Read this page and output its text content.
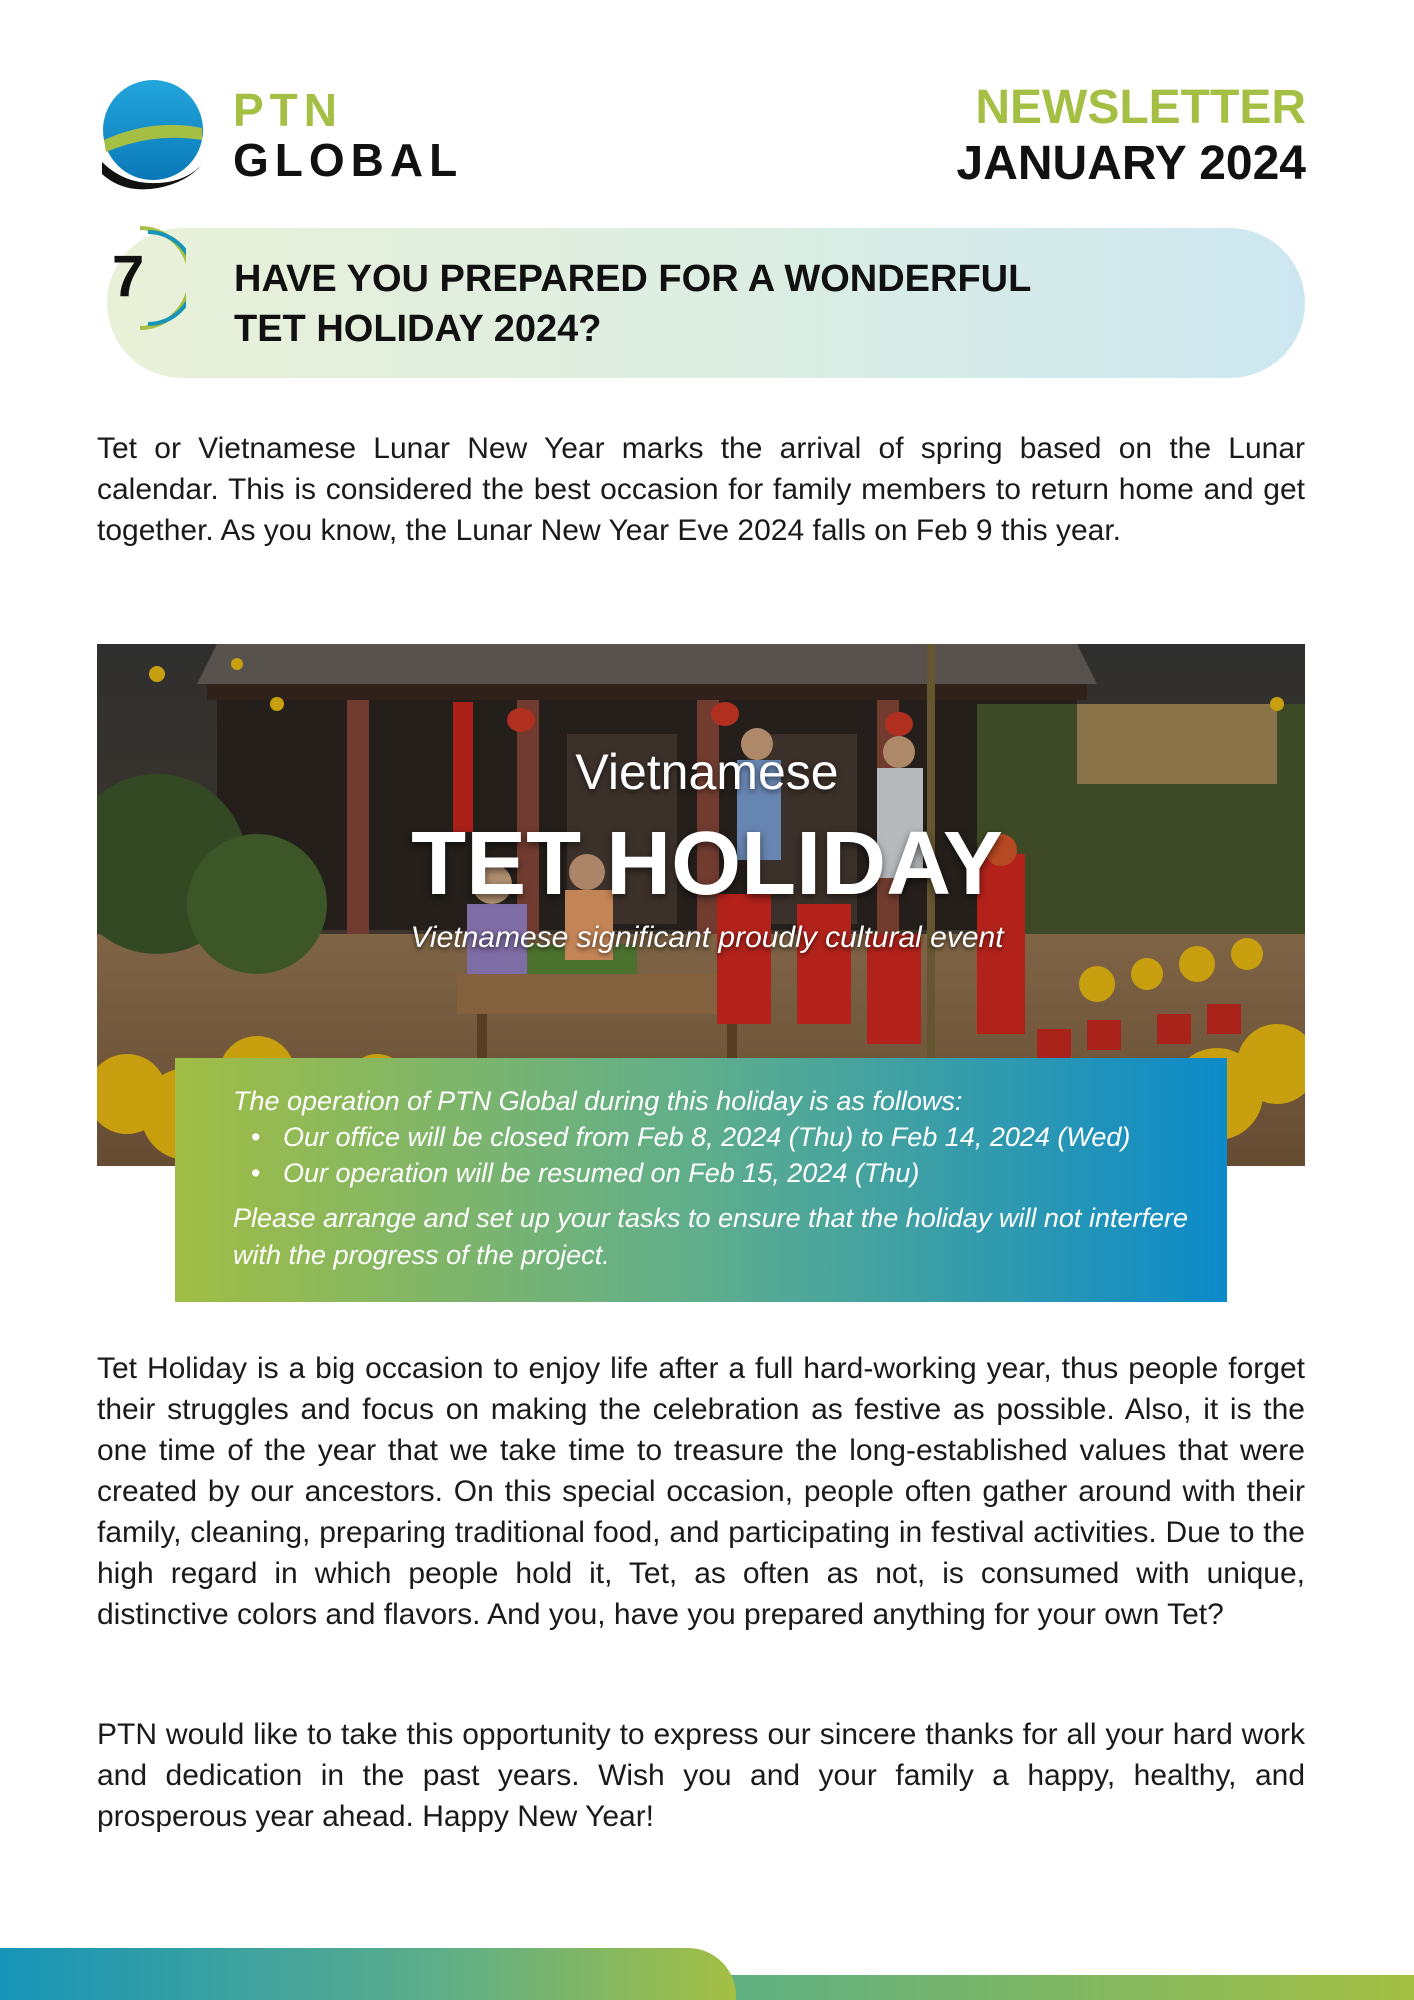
PTN
GLOBAL
NEWSLETTER
JANUARY 2024
7 HAVE YOU PREPARED FOR A WONDERFUL
TET HOLIDAY 2024?

Tet or Vietnamese Lunar New Year marks the arrival of spring based on the Lunar calendar. This is considered the best occasion for family members to return home and get together. As you know, the Lunar New Year Eve 2024 falls on Feb 9 this year.

Vietnamese
TET HOLIDAY
Vietnamese significant proudly cultural event
The operation of PTN Global during this holiday is as follows:
• Our office will be closed from Feb 8, 2024 (Thu) to Feb 14, 2024 (Wed)
• Our operation will be resumed on Feb 15, 2024 (Thu)
Please arrange and set up your tasks to ensure that the holiday will not interfere with the progress of the project.

Tet Holiday is a big occasion to enjoy life after a full hard-working year, thus people forget their struggles and focus on making the celebration as festive as possible. Also, it is the one time of the year that we take time to treasure the long-established values that were created by our ancestors. On this special occasion, people often gather around with their family, cleaning, preparing traditional food, and participating in festival activities. Due to the high regard in which people hold it, Tet, as often as not, is consumed with unique, distinctive colors and flavors. And you, have you prepared anything for your own Tet?

PTN would like to take this opportunity to express our sincere thanks for all your hard work and dedication in the past years. Wish you and your family a happy, healthy, and prosperous year ahead. Happy New Year!
